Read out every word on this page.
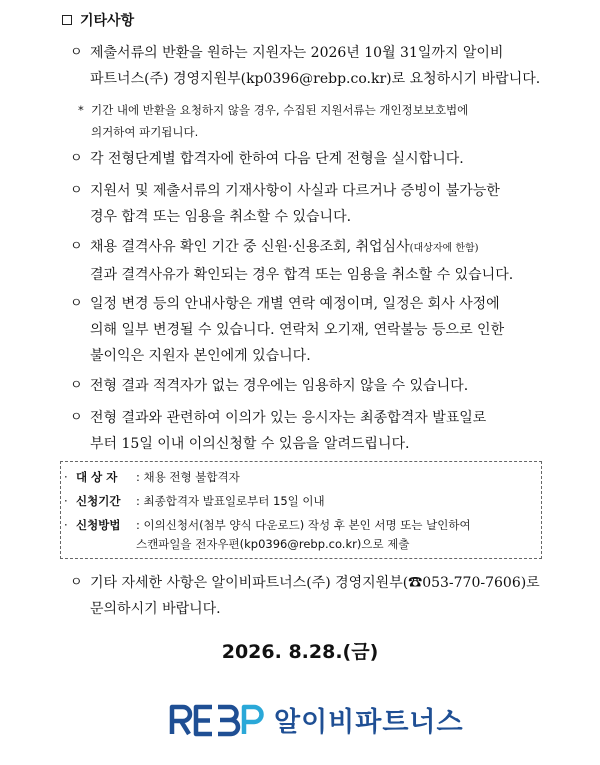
기타사항
ㅇ 제출서류의 반환을 원하는 지원자는 2026년 10월 31일까지 알이비
파트너스(주) 경영지원부(kp0396@rebp.co.kr)로 요청하시기 바랍니다.
* 기간 내에 반환을 요청하지 않을 경우, 수집된 지원서류는 개인정보보호법에
의거하여 파기됩니다.
ㅇ 각 전형단계별 합격자에 한하여 다음 단계 전형을 실시합니다.
ㅇ 지원서 및 제출서류의 기재사항이 사실과 다르거나 증빙이 불가능한
경우 합격 또는 임용을 취소할 수 있습니다.
ㅇ 채용 결격사유 확인 기간 중 신원·신용조회, 취업심사(대상자에 한함)
결과 결격사유가 확인되는 경우 합격 또는 임용을 취소할 수 있습니다.
ㅇ 일정 변경 등의 안내사항은 개별 연락 예정이며, 일정은 회사 사정에
의해 일부 변경될 수 있습니다. 연락처 오기재, 연락불능 등으로 인한
불이익은 지원자 본인에게 있습니다.
ㅇ 전형 결과 적격자가 없는 경우에는 임용하지 않을 수 있습니다.
ㅇ 전형 결과와 관련하여 이의가 있는 응시자는 최종합격자 발표일로
부터 15일 이내 이의신청할 수 있음을 알려드립니다.
· 대 상 자 : 채용 전형 불합격자
· 신청기간 : 최종합격자 발표일로부터 15일 이내
· 신청방법 : 이의신청서(첨부 양식 다운로드) 작성 후 본인 서명 또는 날인하여
스캔파일을 전자우편(kp0396@rebp.co.kr)으로 제출
ㅇ 기타 자세한 사항은 알이비파트너스(주) 경영지원부(☎053-770-7606)로
문의하시기 바랍니다.
2026. 8.28.(금)
알이비파트너스
